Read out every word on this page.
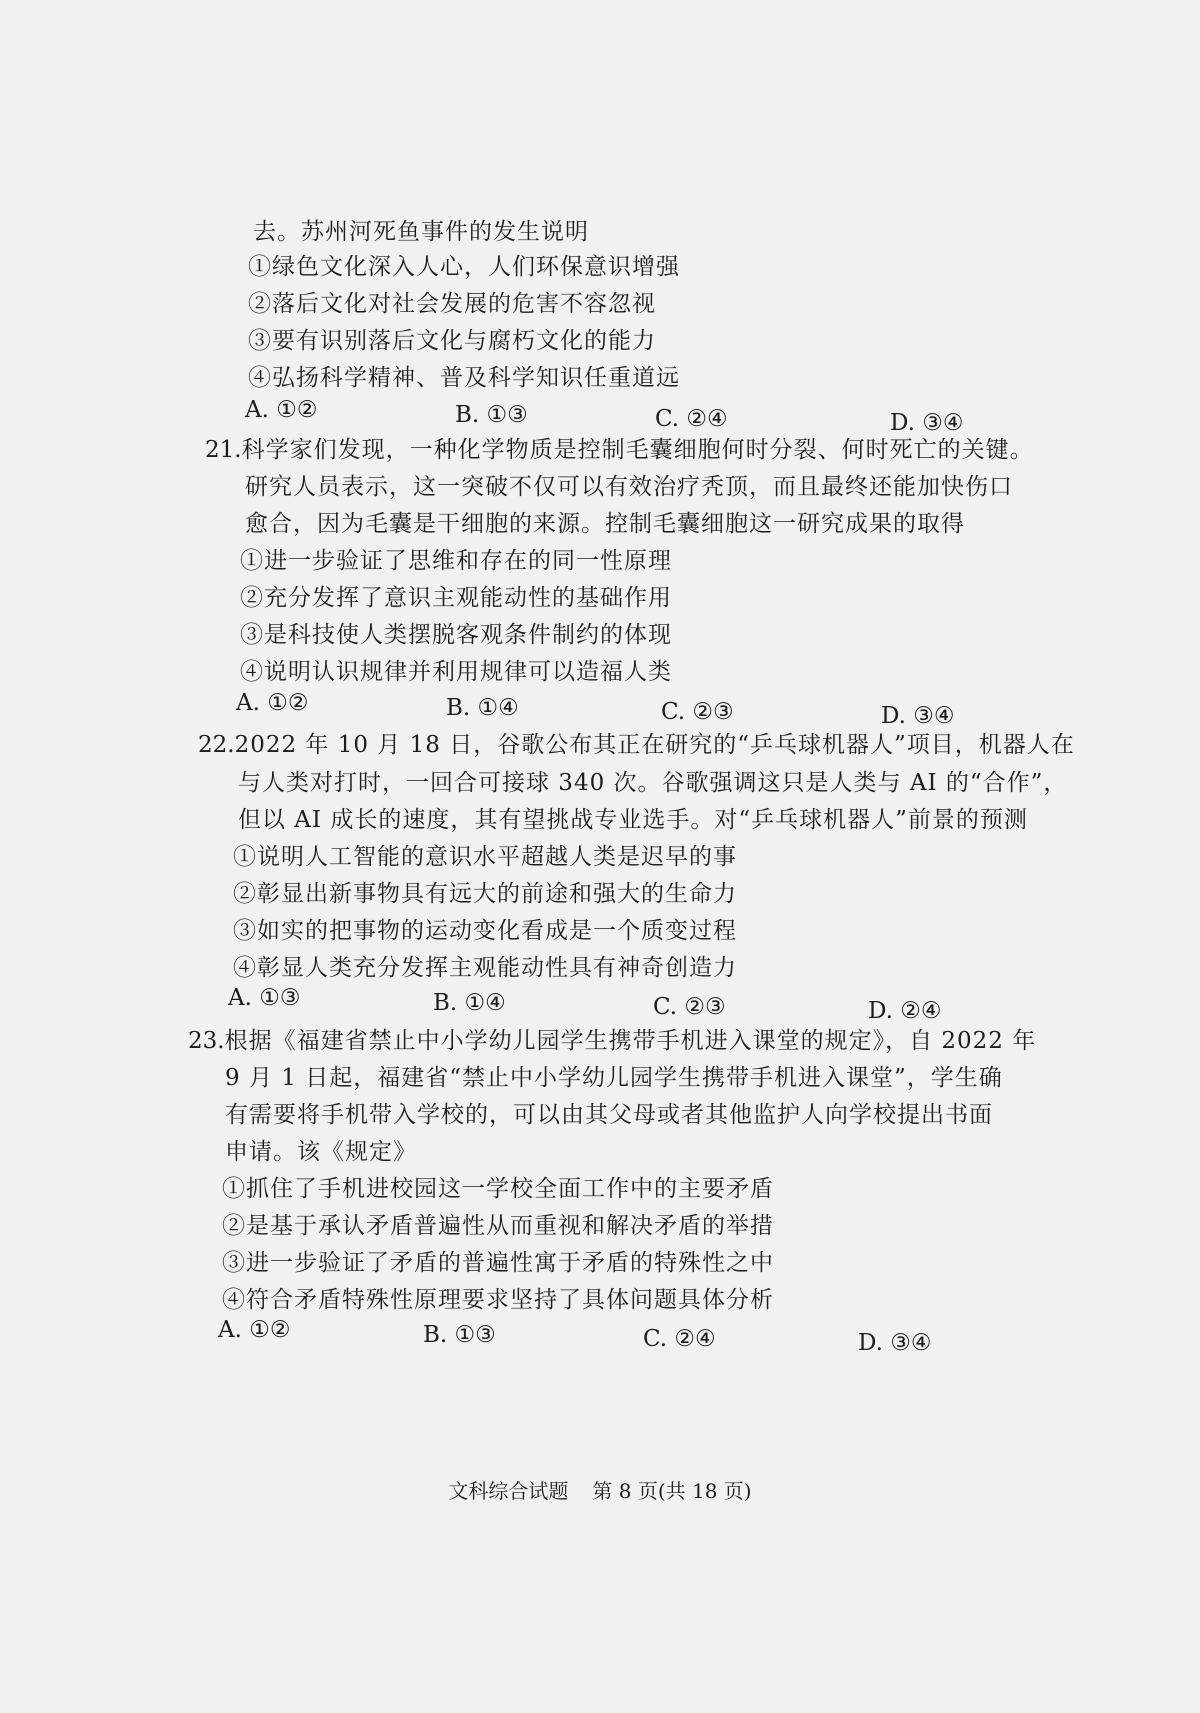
去。苏州河死鱼事件的发生说明
①绿色文化深入人心，人们环保意识增强
②落后文化对社会发展的危害不容忽视
③要有识别落后文化与腐朽文化的能力
④弘扬科学精神、普及科学知识任重道远
A. ①②	B. ①③	C. ②④	D. ③④
21.科学家们发现，一种化学物质是控制毛囊细胞何时分裂、何时死亡的关键。
研究人员表示，这一突破不仅可以有效治疗秃顶，而且最终还能加快伤口
愈合，因为毛囊是干细胞的来源。控制毛囊细胞这一研究成果的取得
①进一步验证了思维和存在的同一性原理
②充分发挥了意识主观能动性的基础作用
③是科技使人类摆脱客观条件制约的体现
④说明认识规律并利用规律可以造福人类
A. ①②	B. ①④	C. ②③	D. ③④
22.2022 年 10 月 18 日，谷歌公布其正在研究的“乒乓球机器人”项目，机器人在
与人类对打时，一回合可接球 340 次。谷歌强调这只是人类与 AI 的“合作”，
但以 AI 成长的速度，其有望挑战专业选手。对“乒乓球机器人”前景的预测
①说明人工智能的意识水平超越人类是迟早的事
②彰显出新事物具有远大的前途和强大的生命力
③如实的把事物的运动变化看成是一个质变过程
④彰显人类充分发挥主观能动性具有神奇创造力
A. ①③	B. ①④	C. ②③	D. ②④
23.根据《福建省禁止中小学幼儿园学生携带手机进入课堂的规定》，自 2022 年
9 月 1 日起，福建省“禁止中小学幼儿园学生携带手机进入课堂”，学生确
有需要将手机带入学校的，可以由其父母或者其他监护人向学校提出书面
申请。该《规定》
①抓住了手机进校园这一学校全面工作中的主要矛盾
②是基于承认矛盾普遍性从而重视和解决矛盾的举措
③进一步验证了矛盾的普遍性寓于矛盾的特殊性之中
④符合矛盾特殊性原理要求坚持了具体问题具体分析
A. ①②	B. ①③	C. ②④	D. ③④
文科综合试题 第 8 页(共 18 页)
